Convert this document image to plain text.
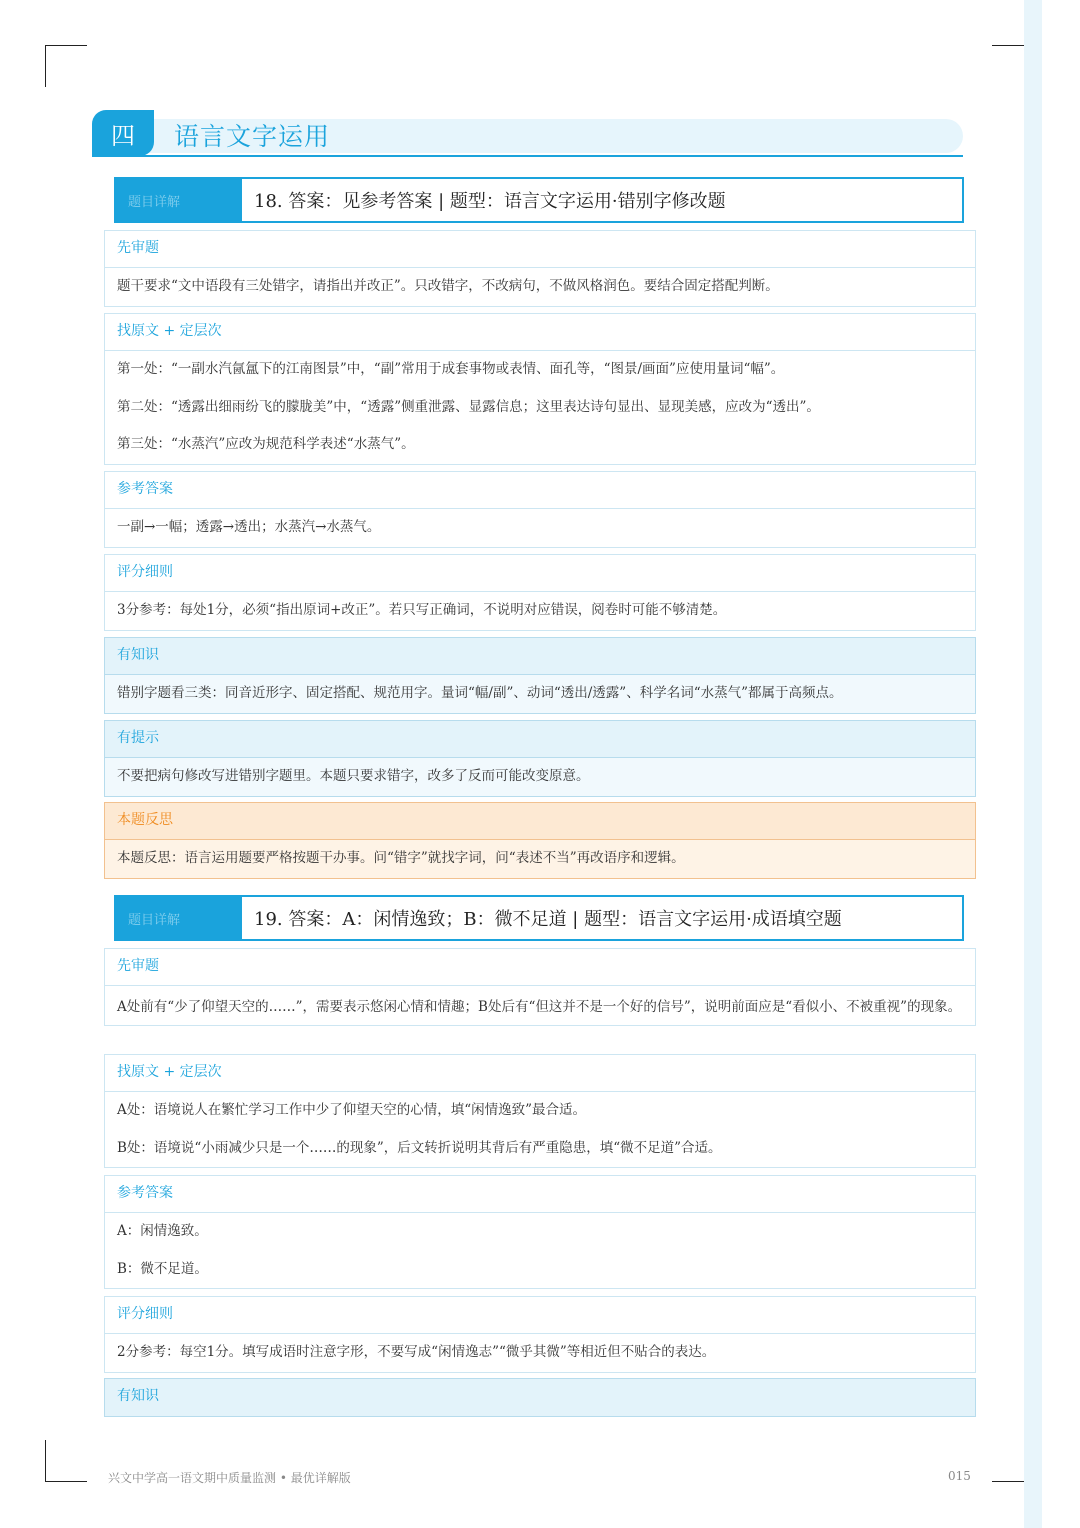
四	语言文字运用
题目详解	18. 答案：见参考答案 | 题型：语言文字运用·错别字修改题
先审题
题干要求“文中语段有三处错字，请指出并改正”。只改错字，不改病句，不做风格润色。要结合固定搭配判断。
找原文 + 定层次
第一处：“一副水汽氤氲下的江南图景”中，“副”常用于成套事物或表情、面孔等，“图景/画面”应使用量词“幅”。
第二处：“透露出细雨纷飞的朦胧美”中，“透露”侧重泄露、显露信息；这里表达诗句显出、显现美感，应改为“透出”。
第三处：“水蒸汽”应改为规范科学表述“水蒸气”。
参考答案
一副→一幅；透露→透出；水蒸汽→水蒸气。
评分细则
3分参考：每处1分，必须“指出原词+改正”。若只写正确词，不说明对应错误，阅卷时可能不够清楚。
有知识
错别字题看三类：同音近形字、固定搭配、规范用字。量词“幅/副”、动词“透出/透露”、科学名词“水蒸气”都属于高频点。
有提示
不要把病句修改写进错别字题里。本题只要求错字，改多了反而可能改变原意。
本题反思
本题反思：语言运用题要严格按题干办事。问“错字”就找字词，问“表述不当”再改语序和逻辑。
题目详解	19. 答案：A：闲情逸致；B：微不足道 | 题型：语言文字运用·成语填空题
先审题
A处前有“少了仰望天空的……”，需要表示悠闲心情和情趣；B处后有“但这并不是一个好的信号”，说明前面应是“看似小、不被重视”的现象。
找原文 + 定层次
A处：语境说人在繁忙学习工作中少了仰望天空的心情，填“闲情逸致”最合适。
B处：语境说“小雨减少只是一个……的现象”，后文转折说明其背后有严重隐患，填“微不足道”合适。
参考答案
A：闲情逸致。
B：微不足道。
评分细则
2分参考：每空1分。填写成语时注意字形，不要写成“闲情逸志”“微乎其微”等相近但不贴合的表达。
有知识
兴文中学高一语文期中质量监测 • 最优详解版	015
